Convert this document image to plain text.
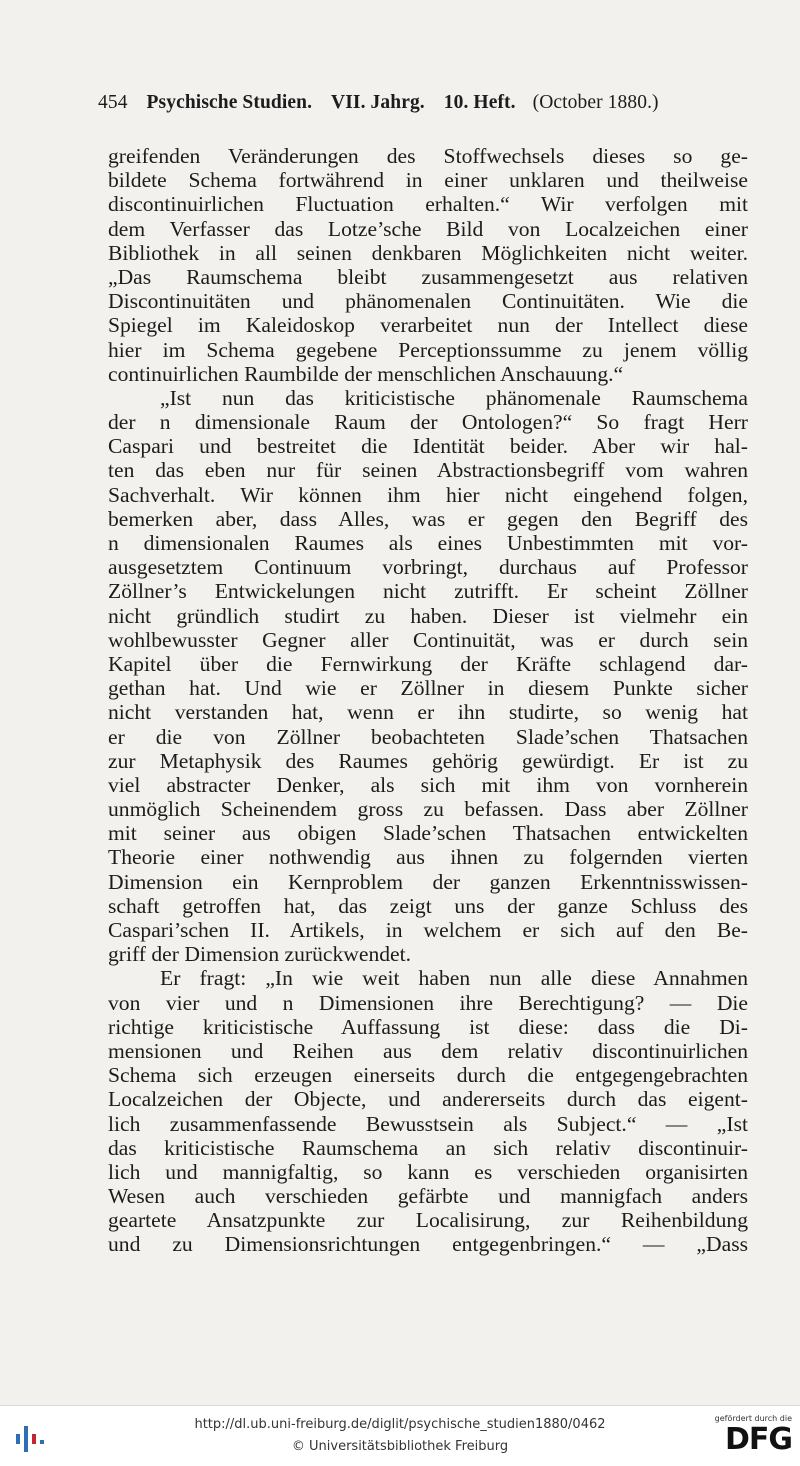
454 Psychische Studien. VII. Jahrg. 10. Heft. (October 1880.)
greifenden Veränderungen des Stoffwechsels dieses so ge-
bildete Schema fortwährend in einer unklaren und theilweise
discontinuirlichen Fluctuation erhalten.“ Wir verfolgen mit
dem Verfasser das Lotze’sche Bild von Localzeichen einer
Bibliothek in all seinen denkbaren Möglichkeiten nicht weiter.
„Das Raumschema bleibt zusammengesetzt aus relativen
Discontinuitäten und phänomenalen Continuitäten. Wie die
Spiegel im Kaleidoskop verarbeitet nun der Intellect diese
hier im Schema gegebene Perceptionssumme zu jenem völlig
continuirlichen Raumbilde der menschlichen Anschauung.“
„Ist nun das kriticistische phänomenale Raumschema
der n dimensionale Raum der Ontologen?“ So fragt Herr
Caspari und bestreitet die Identität beider. Aber wir hal-
ten das eben nur für seinen Abstractionsbegriff vom wahren
Sachverhalt. Wir können ihm hier nicht eingehend folgen,
bemerken aber, dass Alles, was er gegen den Begriff des
n dimensionalen Raumes als eines Unbestimmten mit vor-
ausgesetztem Continuum vorbringt, durchaus auf Professor
Zöllner’s Entwickelungen nicht zutrifft. Er scheint Zöllner
nicht gründlich studirt zu haben. Dieser ist vielmehr ein
wohlbewusster Gegner aller Continuität, was er durch sein
Kapitel über die Fernwirkung der Kräfte schlagend dar-
gethan hat. Und wie er Zöllner in diesem Punkte sicher
nicht verstanden hat, wenn er ihn studirte, so wenig hat
er die von Zöllner beobachteten Slade’schen Thatsachen
zur Metaphysik des Raumes gehörig gewürdigt. Er ist zu
viel abstracter Denker, als sich mit ihm von vornherein
unmöglich Scheinendem gross zu befassen. Dass aber Zöllner
mit seiner aus obigen Slade’schen Thatsachen entwickelten
Theorie einer nothwendig aus ihnen zu folgernden vierten
Dimension ein Kernproblem der ganzen Erkenntnisswissen-
schaft getroffen hat, das zeigt uns der ganze Schluss des
Caspari’schen II. Artikels, in welchem er sich auf den Be-
griff der Dimension zurückwendet.
Er fragt: „In wie weit haben nun alle diese Annahmen
von vier und n Dimensionen ihre Berechtigung? — Die
richtige kriticistische Auffassung ist diese: dass die Di-
mensionen und Reihen aus dem relativ discontinuirlichen
Schema sich erzeugen einerseits durch die entgegengebrachten
Localzeichen der Objecte, und andererseits durch das eigent-
lich zusammenfassende Bewusstsein als Subject.“ — „Ist
das kriticistische Raumschema an sich relativ discontinuir-
lich und mannigfaltig, so kann es verschieden organisirten
Wesen auch verschieden gefärbte und mannigfach anders
geartete Ansatzpunkte zur Localisirung, zur Reihenbildung
und zu Dimensionsrichtungen entgegenbringen.“ — „Dass
http://dl.ub.uni-freiburg.de/diglit/psychische_studien1880/0462
© Universitätsbibliothek Freiburg
gefördert durch die
DFG
